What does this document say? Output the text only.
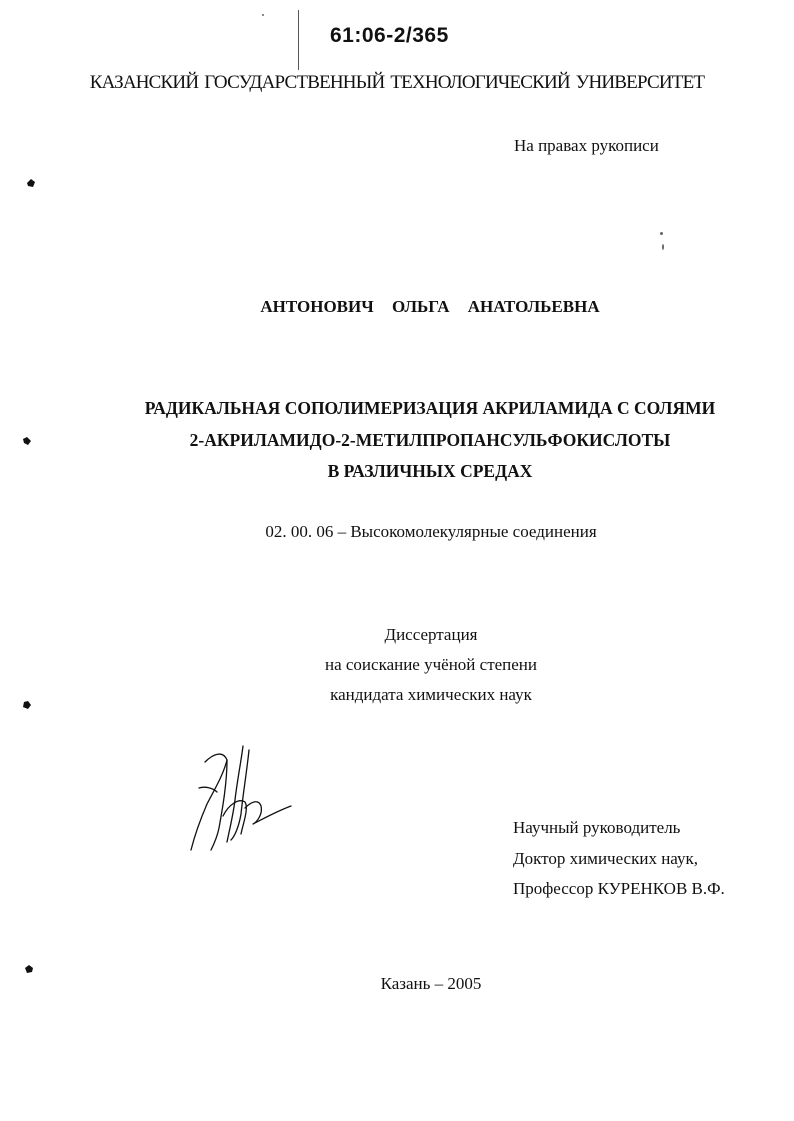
61:06-2/365
КАЗАНСКИЙ ГОСУДАРСТВЕННЫЙ ТЕХНОЛОГИЧЕСКИЙ УНИВЕРСИТЕТ
На правах рукописи
АНТОНОВИЧ ОЛЬГА АНАТОЛЬЕВНА
РАДИКАЛЬНАЯ СОПОЛИМЕРИЗАЦИЯ АКРИЛАМИДА С СОЛЯМИ
2-АКРИЛАМИДО-2-МЕТИЛПРОПАНСУЛЬФОКИСЛОТЫ
В РАЗЛИЧНЫХ СРЕДАХ
02. 00. 06 – Высокомолекулярные соединения
Диссертация
на соискание учёной степени
кандидата химических наук
Научный руководитель
Доктор химических наук,
Профессор КУРЕНКОВ В.Ф.
Казань – 2005
